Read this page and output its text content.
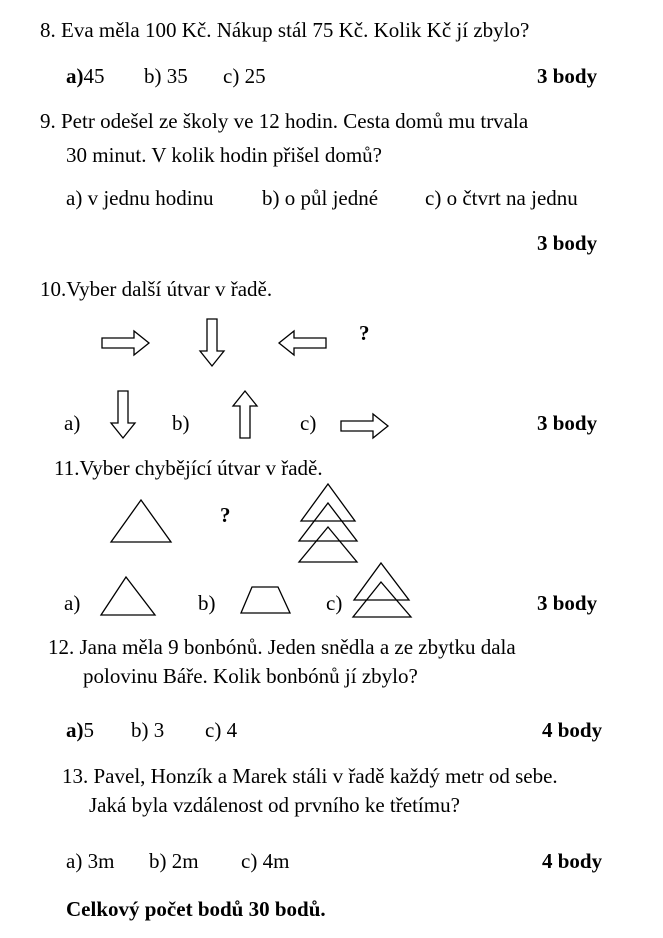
8. Eva měla 100 Kč. Nákup stál 75 Kč. Kolik Kč jí zbylo?
a)45 b) 35 c) 25	3 body
9. Petr odešel ze školy ve 12 hodin. Cesta domů mu trvala
30 minut. V kolik hodin přišel domů?
a) v jednu hodinu b) o půl jedné c) o čtvrt na jednu
3 body
10.Vyber další útvar v řadě.
?
a)	b)	c)	3 body
11.Vyber chybějící útvar v řadě.
?
a)	b)	c)	3 body
12. Jana měla 9 bonbónů. Jeden snědla a ze zbytku dala
polovinu Báře. Kolik bonbónů jí zbylo?
a)5 b) 3 c) 4	4 body
13. Pavel, Honzík a Marek stáli v řadě každý metr od sebe.
Jaká byla vzdálenost od prvního ke třetímu?
a) 3m b) 2m c) 4m	4 body
Celkový počet bodů 30 bodů.
